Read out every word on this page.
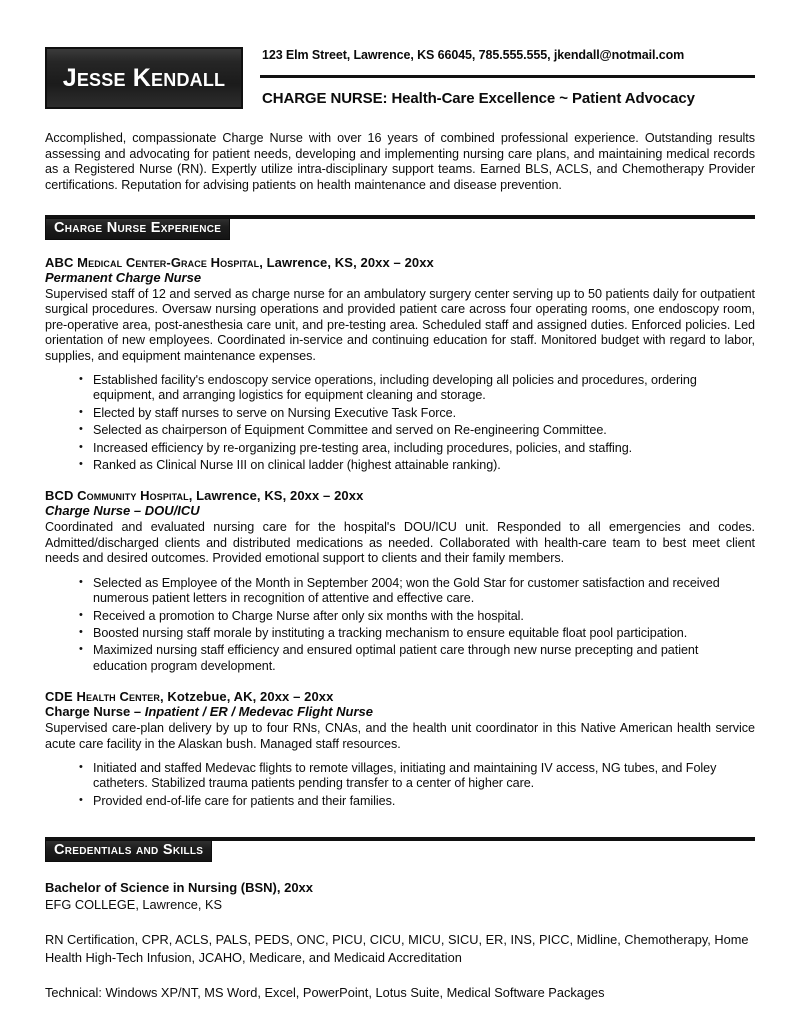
Jesse Kendall
123 Elm Street, Lawrence, KS 66045, 785.555.555, jkendall@notmail.com
CHARGE NURSE: Health-Care Excellence ~ Patient Advocacy
Accomplished, compassionate Charge Nurse with over 16 years of combined professional experience. Outstanding results assessing and advocating for patient needs, developing and implementing nursing care plans, and maintaining medical records as a Registered Nurse (RN). Expertly utilize intra-disciplinary support teams. Earned BLS, ACLS, and Chemotherapy Provider certifications. Reputation for advising patients on health maintenance and disease prevention.
Charge Nurse Experience
ABC Medical Center-Grace Hospital, Lawrence, KS, 20xx – 20xx
Permanent Charge Nurse
Supervised staff of 12 and served as charge nurse for an ambulatory surgery center serving up to 50 patients daily for outpatient surgical procedures. Oversaw nursing operations and provided patient care across four operating rooms, one endoscopy room, pre-operative area, post-anesthesia care unit, and pre-testing area. Scheduled staff and assigned duties. Enforced policies. Led orientation of new employees. Coordinated in-service and continuing education for staff. Monitored budget with regard to labor, supplies, and equipment maintenance expenses.
• Established facility's endoscopy service operations, including developing all policies and procedures, ordering equipment, and arranging logistics for equipment cleaning and storage.
• Elected by staff nurses to serve on Nursing Executive Task Force.
• Selected as chairperson of Equipment Committee and served on Re-engineering Committee.
• Increased efficiency by re-organizing pre-testing area, including procedures, policies, and staffing.
• Ranked as Clinical Nurse III on clinical ladder (highest attainable ranking).
BCD Community Hospital, Lawrence, KS, 20xx – 20xx
Charge Nurse – DOU/ICU
Coordinated and evaluated nursing care for the hospital's DOU/ICU unit. Responded to all emergencies and codes. Admitted/discharged clients and distributed medications as needed. Collaborated with health-care team to best meet client needs and desired outcomes. Provided emotional support to clients and their family members.
• Selected as Employee of the Month in September 2004; won the Gold Star for customer satisfaction and received numerous patient letters in recognition of attentive and effective care.
• Received a promotion to Charge Nurse after only six months with the hospital.
• Boosted nursing staff morale by instituting a tracking mechanism to ensure equitable float pool participation.
• Maximized nursing staff efficiency and ensured optimal patient care through new nurse precepting and patient education program development.
CDE Health Center, Kotzebue, AK, 20xx – 20xx
Charge Nurse – Inpatient / ER / Medevac Flight Nurse
Supervised care-plan delivery by up to four RNs, CNAs, and the health unit coordinator in this Native American health service acute care facility in the Alaskan bush. Managed staff resources.
• Initiated and staffed Medevac flights to remote villages, initiating and maintaining IV access, NG tubes, and Foley catheters. Stabilized trauma patients pending transfer to a center of higher care.
• Provided end-of-life care for patients and their families.
Credentials and Skills
Bachelor of Science in Nursing (BSN), 20xx
EFG COLLEGE, Lawrence, KS
RN Certification, CPR, ACLS, PALS, PEDS, ONC, PICU, CICU, MICU, SICU, ER, INS, PICC, Midline, Chemotherapy, Home Health High-Tech Infusion, JCAHO, Medicare, and Medicaid Accreditation
Technical: Windows XP/NT, MS Word, Excel, PowerPoint, Lotus Suite, Medical Software Packages
